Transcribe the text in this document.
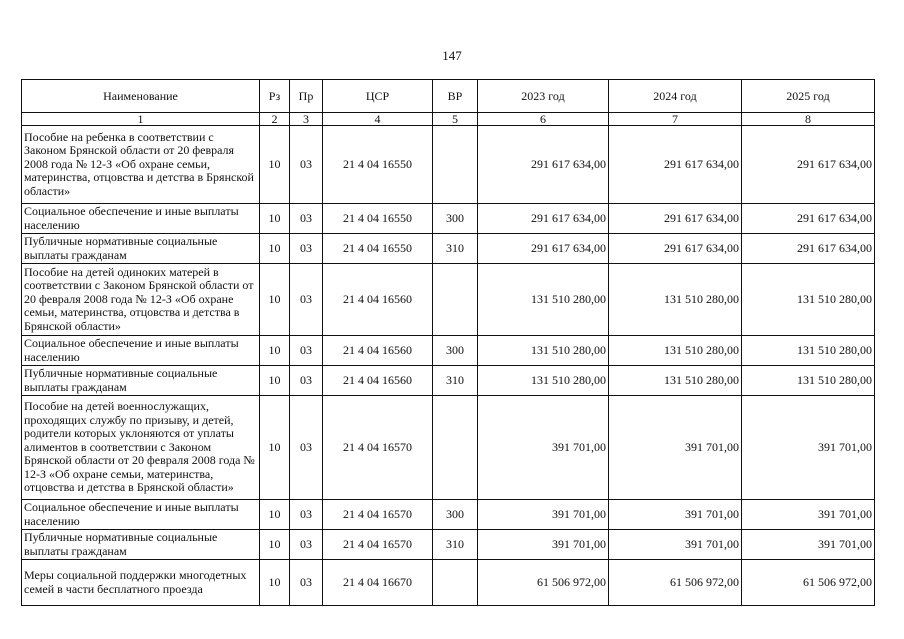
147
Наименование	Рз	Пр	ЦСР	ВР	2023 год	2024 год	2025 год
1	2	3	4	5	6	7	8
Пособие на ребенка в соответствии с Законом Брянской области от 20 февраля 2008 года № 12-З «Об охране семьи, материнства, отцовства и детства в Брянской области»	10	03	21 4 04 16550		291 617 634,00	291 617 634,00	291 617 634,00
Социальное обеспечение и иные выплаты населению	10	03	21 4 04 16550	300	291 617 634,00	291 617 634,00	291 617 634,00
Публичные нормативные социальные выплаты гражданам	10	03	21 4 04 16550	310	291 617 634,00	291 617 634,00	291 617 634,00
Пособие на детей одиноких матерей в соответствии с Законом Брянской области от 20 февраля 2008 года № 12-З «Об охране семьи, материнства, отцовства и детства в Брянской области»	10	03	21 4 04 16560		131 510 280,00	131 510 280,00	131 510 280,00
Социальное обеспечение и иные выплаты населению	10	03	21 4 04 16560	300	131 510 280,00	131 510 280,00	131 510 280,00
Публичные нормативные социальные выплаты гражданам	10	03	21 4 04 16560	310	131 510 280,00	131 510 280,00	131 510 280,00
Пособие на детей военнослужащих, проходящих службу по призыву, и детей, родители которых уклоняются от уплаты алиментов в соответствии с Законом Брянской области от 20 февраля 2008 года № 12-З «Об охране семьи, материнства, отцовства и детства в Брянской области»	10	03	21 4 04 16570		391 701,00	391 701,00	391 701,00
Социальное обеспечение и иные выплаты населению	10	03	21 4 04 16570	300	391 701,00	391 701,00	391 701,00
Публичные нормативные социальные выплаты гражданам	10	03	21 4 04 16570	310	391 701,00	391 701,00	391 701,00
Меры социальной поддержки многодетных семей в части бесплатного проезда	10	03	21 4 04 16670		61 506 972,00	61 506 972,00	61 506 972,00
